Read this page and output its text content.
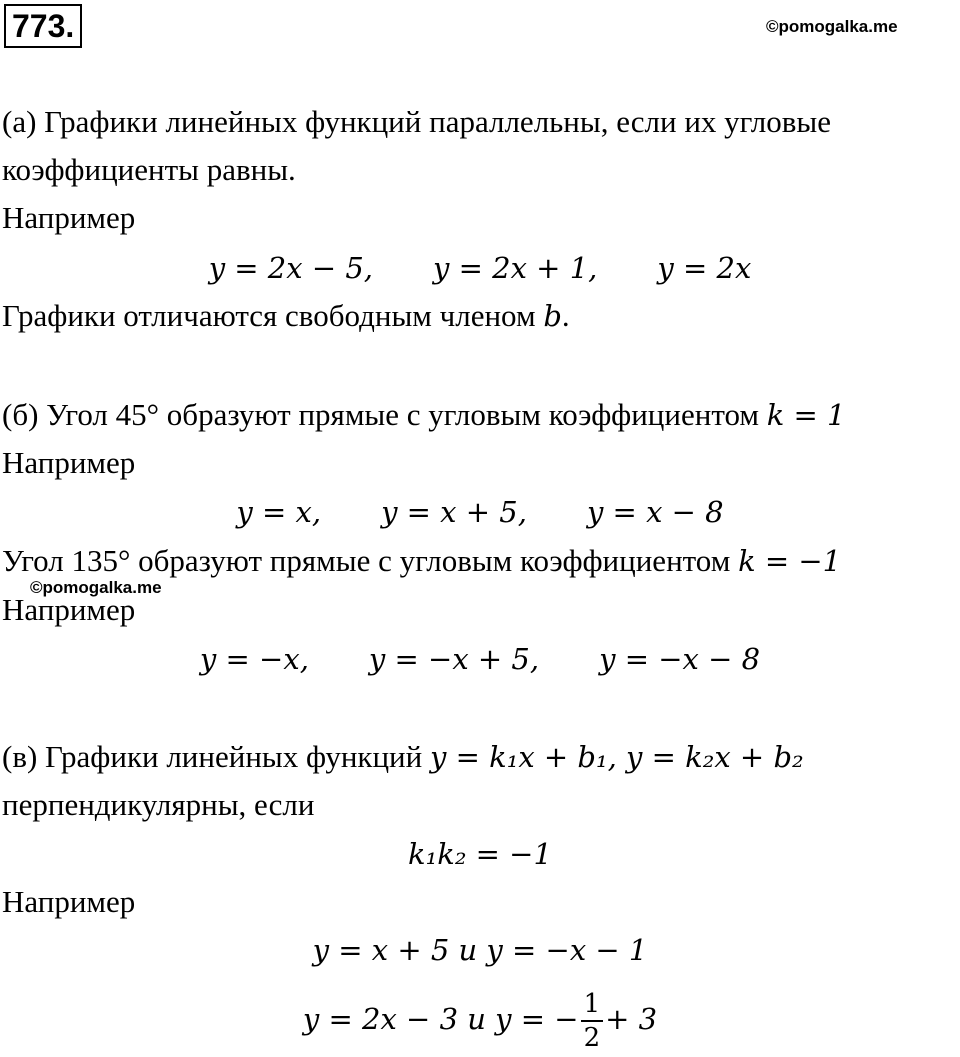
773.	©pomogalka.me
(а) Графики линейных функций параллельны, если их угловые
коэффициенты равны.
Например
y = 2x − 5, y = 2x + 1, y = 2x
Графики отличаются свободным членом b.
(б) Угол 45° образуют прямые с угловым коэффициентом k = 1
Например
y = x, y = x + 5, y = x − 8
Угол 135° образуют прямые с угловым коэффициентом k = −1
©pomogalka.me
Например
y = −x, y = −x + 5, y = −x − 8
(в) Графики линейных функций y = k₁x + b₁, y = k₂x + b₂
перпендикулярны, если
k₁k₂ = −1
Например
y = x + 5 и y = −x − 1
y = 2x − 3 и y = − $\frac{1}{2} + 3$
